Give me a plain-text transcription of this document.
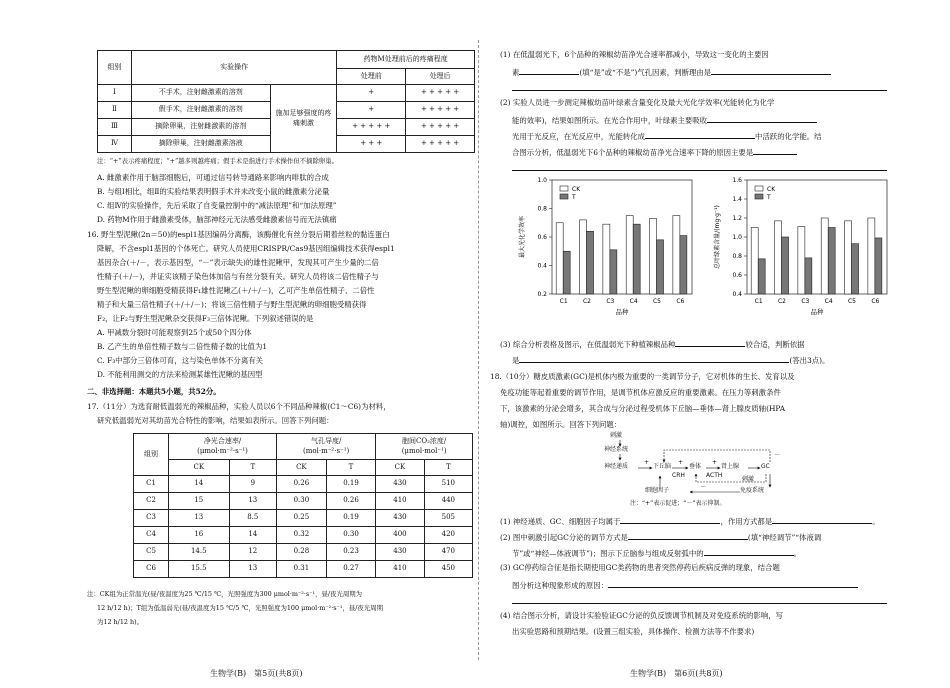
组别	实验操作		药物M处理前后的疼痛程度	
			处理前	处理后
Ⅰ	不手术，注射雌激素的溶剂	施加足够强度的疼痛刺激	+	+ + + + +
Ⅱ	假手术，注射雌激素的溶剂		+	+ + + + +
Ⅲ	摘除卵巢，注射雌激素的溶剂		+ + + + +	+ + + + +
Ⅳ	摘除卵巢，注射雌激素溶液		+ + +	+ + + + +
注：“+”表示疼痛程度；“+”越多则越疼痛；假手术是指进行手术操作但不摘除卵巢。
A. 雌激素作用于脑部细胞后，可通过信号转导通路来影响内啡肽的合成
B. 与组Ⅰ相比，组Ⅱ的实验结果表明假手术并未改变小鼠的雌激素分泌量
C. 组Ⅳ的实验操作，先后采取了自变量控制中的“减法原理”和“加法原理”
D. 药物M作用于雌激素受体，脑部神经元无法感受雌激素信号而无法镇痛
16. 野生型泥鳅(2n＝50)的espl1基因编码分离酶，该酶催化有丝分裂后期着丝粒的黏连蛋白
降解，不含espl1基因的个体死亡。研究人员使用CRISPR/Cas9基因组编辑技术获得espl1
基因杂合(＋/－，表示基因型，“－”表示缺失)的雄性泥鳅甲，发现其可产生少量的二倍
性精子(＋/－)，并证实该精子染色体加倍与有丝分裂有关。研究人员将该二倍性精子与
野生型泥鳅的卵细胞受精获得F₁雄性泥鳅乙(＋/＋/－)，乙可产生单倍性精子、二倍性
精子和大量三倍性精子(＋/＋/－)；将该三倍性精子与野生型泥鳅的卵细胞受精获得
F₂，让F₂与野生型泥鳅杂交获得F₃三倍体泥鳅。下列叙述错误的是
A. 甲减数分裂时可能观察到25个或50个四分体
B. 乙产生的单倍性精子数与二倍性精子数的比值为1
C. F₃中部分三倍体可育，这与染色单体不分离有关
D. 不能利用测交的方法来检测某雄性泥鳅的基因型
二、非选择题：本题共5小题，共52分。
17.（11分）为选育耐低温弱光的辣椒品种，实验人员以6个不同品种辣椒(C1～C6)为材料，
研究低温弱光对其幼苗光合特性的影响，结果如表所示。回答下列问题：
组别	净光合速率/
(μmol·m⁻²·s⁻¹)		气孔导度/
(mol·m⁻²·s⁻¹)		胞间CO₂浓度/
(μmol·mol⁻¹)	
	CK	T	CK	T	CK	T
C1	14	9	0.26	0.19	430	510
C2	15	13	0.30	0.26	410	440
C3	13	8.5	0.25	0.19	430	505
C4	16	14	0.32	0.30	400	420
C5	14.5	12	0.28	0.23	430	470
C6	15.5	13	0.31	0.27	410	450
注：CK组为正常温光(昼/夜温度为25 ℃/15 ℃，光照强度为300 μmol·m⁻²·s⁻¹，昼/夜光周期为
12 h/12 h)；T组为低温弱光(昼/夜温度为15 ℃/5 ℃，光照强度为100 μmol·m⁻²·s⁻¹，昼/夜光周期
为12 h/12 h)。
生物学(B)　第5页(共8页)
(1) 在低温弱光下，6个品种的辣椒幼苗净光合速率都减小，导致这一变化的主要因
素	(填“是”或“不是”)气孔因素，判断理由是
(2) 实验人员进一步测定辣椒幼苗叶绿素含量变化及最大光化学效率(光能转化为化学
能的效率)，结果如图所示。在光合作用中，叶绿素主要吸收
光用于光反应，在光反应中，光能转化成	中活跃的化学能。结
合图示分析，低温弱光下6个品种的辣椒幼苗净光合速率下降的原因主要是
0.2
0.4
0.6
0.8
1.0
C1	C2	C3	C4	C5	C6
品种
最大光化学效率
CK
T
0.4
0.6
0.8
1.0
1.2
1.4
1.6
C1	C2	C3	C4	C5	C6
品种
总叶绿素含量/(mg·g⁻¹)
CK
T
(3) 综合分析表格及图示，在低温弱光下种植辣椒品种	较合适，判断依据
是	(答出3点)。
18.（10分）糖皮质激素(GC)是机体内极为重要的一类调节分子，它对机体的生长、发育以及
免疫功能等起着重要的调节作用，是调节机体应激反应的重要激素。在压力等刺激条件
下，该激素的分泌会增多，其合成与分泌过程受机体下丘脑—垂体—肾上腺皮质轴(HPA
轴)调控，如图所示。回答下列问题：
刺激
神经系统
神经递质	下丘脑	垂体	肾上腺	GC
CRH	ACTH
细胞因子	免疫系统
刺激
+	+	+
－
－
注：“+”表示促进；“－”表示抑制。
(1) 神经递质、GC、细胞因子均属于	，作用方式都是	。
(2) 图中刺激引起GC分泌的调节方式是	(填“神经调节”“体液调
节”或“神经—体液调节”)；图示下丘脑参与组成反射弧中的	。
(3) GC停药综合征是指长期使用GC类药物的患者突然停药后疾病反弹的现象，结合题
图分析这种现象形成的原因：
(4) 结合图示分析，请设计实验验证GC分泌的负反馈调节机制及对免疫系统的影响，写
出实验思路和预期结果。(设置三组实验，具体操作、检测方法等不作要求)
生物学(B)　第6页(共8页)
